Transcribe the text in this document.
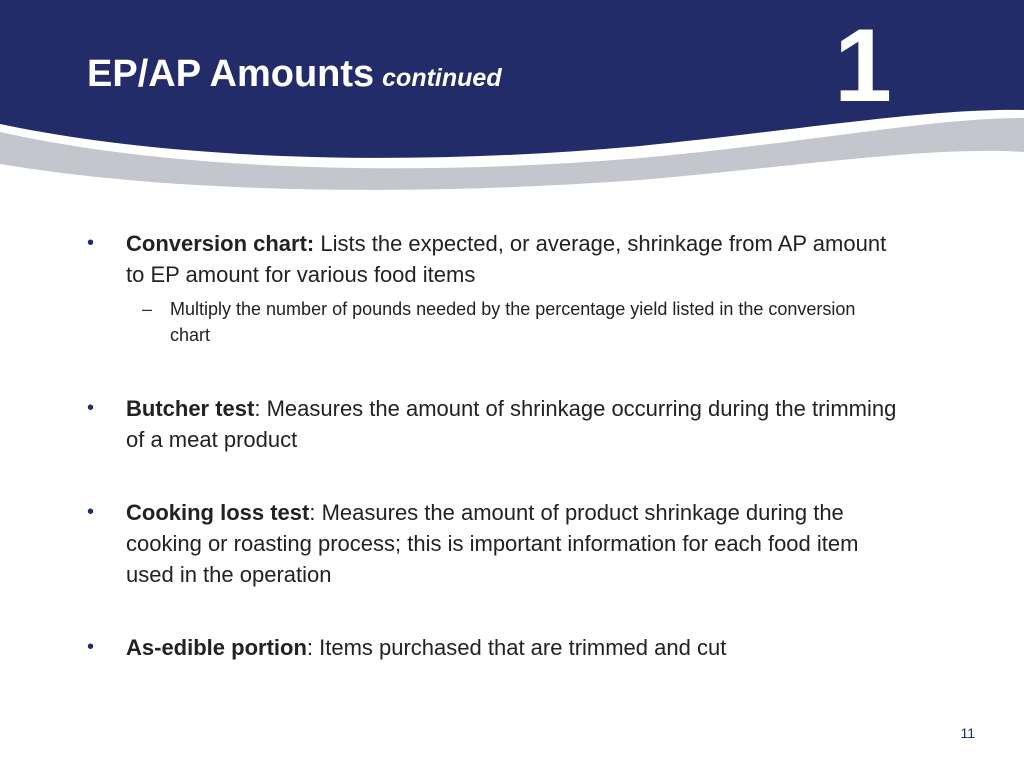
EP/AP Amounts continued	1
• Conversion chart: Lists the expected, or average, shrinkage from AP amount to EP amount for various food items
– Multiply the number of pounds needed by the percentage yield listed in the conversion chart
• Butcher test: Measures the amount of shrinkage occurring during the trimming of a meat product
• Cooking loss test: Measures the amount of product shrinkage during the cooking or roasting process; this is important information for each food item used in the operation
• As-edible portion: Items purchased that are trimmed and cut
11
